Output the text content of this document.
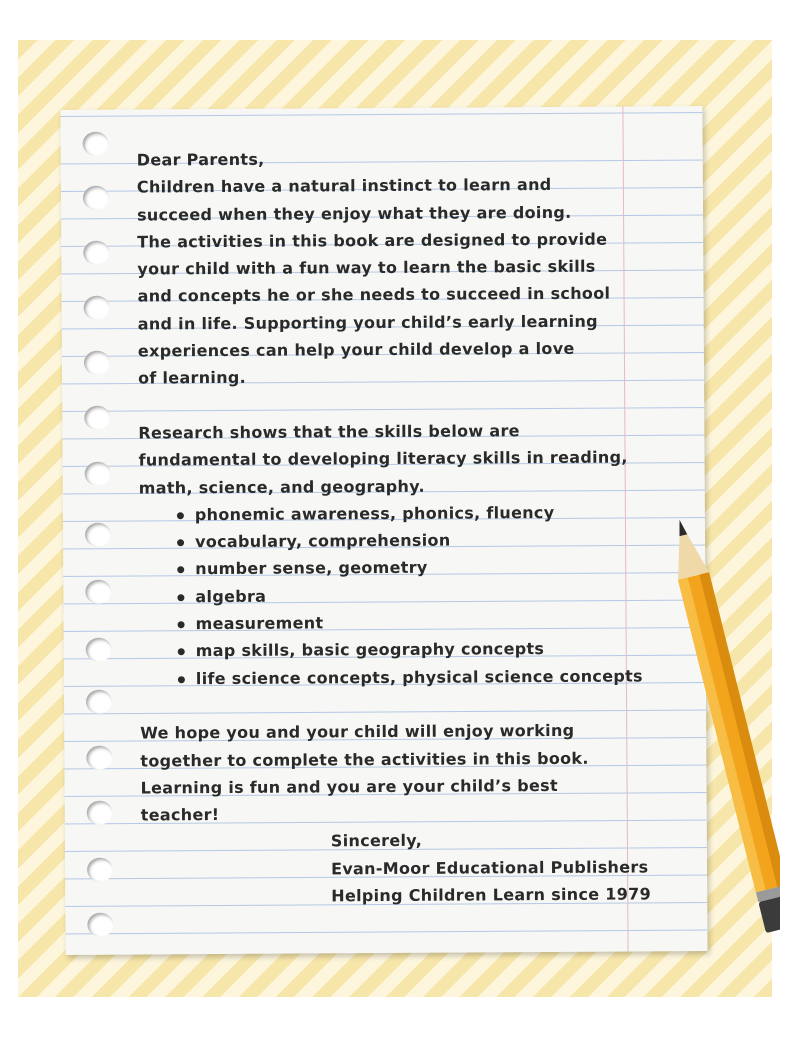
Dear Parents,
Children have a natural instinct to learn and
succeed when they enjoy what they are doing.
The activities in this book are designed to provide
your child with a fun way to learn the basic skills
and concepts he or she needs to succeed in school
and in life. Supporting your child’s early learning
experiences can help your child develop a love
of learning.
Research shows that the skills below are
fundamental to developing literacy skills in reading,
math, science, and geography.
phonemic awareness, phonics, fluency
vocabulary, comprehension
number sense, geometry
algebra
measurement
map skills, basic geography concepts
life science concepts, physical science concepts
We hope you and your child will enjoy working
together to complete the activities in this book.
Learning is fun and you are your child’s best
teacher!
Sincerely,
Evan-Moor Educational Publishers
Helping Children Learn since 1979
